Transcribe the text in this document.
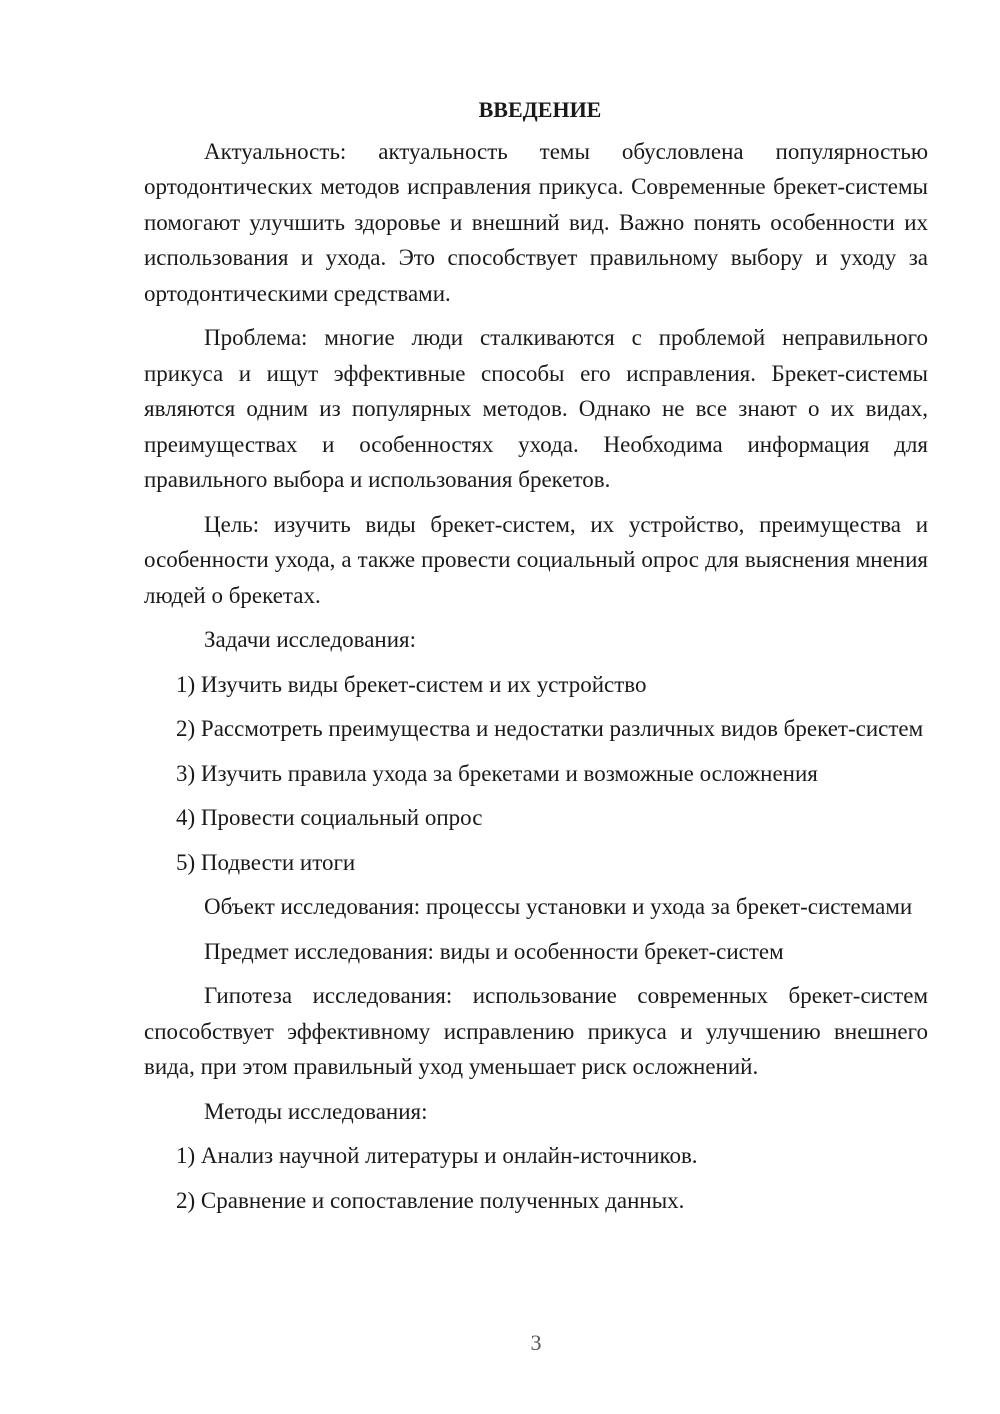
ВВЕДЕНИЕ

Актуальность: актуальность темы обусловлена популярностью ортодонтических методов исправления прикуса. Современные брекет-системы помогают улучшить здоровье и внешний вид. Важно понять особенности их использования и ухода. Это способствует правильному выбору и уходу за ортодонтическими средствами.

Проблема: многие люди сталкиваются с проблемой неправильного прикуса и ищут эффективные способы его исправления. Брекет-системы являются одним из популярных методов. Однако не все знают о их видах, преимуществах и особенностях ухода. Необходима информация для правильного выбора и использования брекетов.

Цель: изучить виды брекет-систем, их устройство, преимущества и особенности ухода, а также провести социальный опрос для выяснения мнения людей о брекетах.

Задачи исследования:

1) Изучить виды брекет-систем и их устройство

2) Рассмотреть преимущества и недостатки различных видов брекет-систем

3) Изучить правила ухода за брекетами и возможные осложнения

4) Провести социальный опрос

5) Подвести итоги

Объект исследования: процессы установки и ухода за брекет-системами

Предмет исследования: виды и особенности брекет-систем

Гипотеза исследования: использование современных брекет-систем способствует эффективному исправлению прикуса и улучшению внешнего вида, при этом правильный уход уменьшает риск осложнений.

Методы исследования:

1) Анализ научной литературы и онлайн-источников.

2) Сравнение и сопоставление полученных данных.

3
